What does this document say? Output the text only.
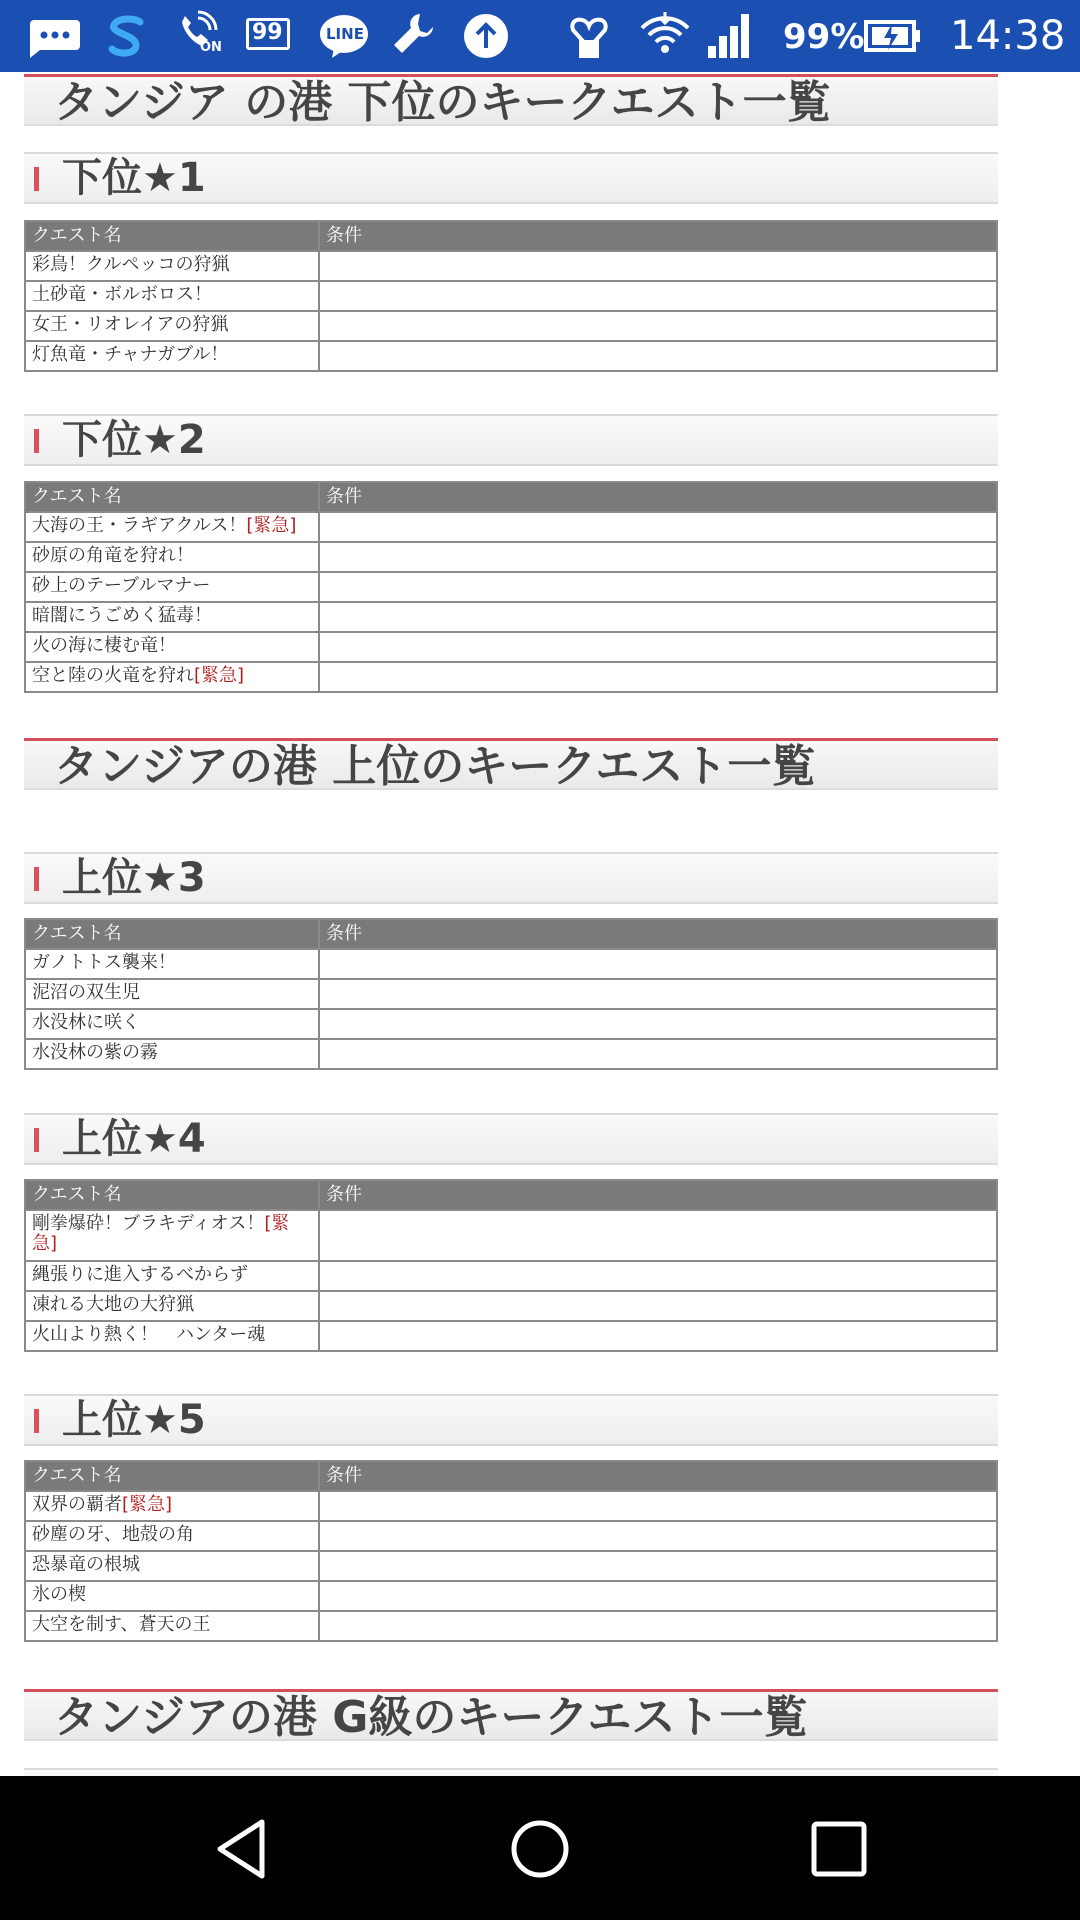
ON
99	LINE	99% 14:38
タンジア の港 下位のキークエスト一覧
下位★1
クエスト名	条件
彩鳥！クルペッコの狩猟	
土砂竜・ボルボロス！	
女王・リオレイアの狩猟	
灯魚竜・チャナガブル！	
下位★2
クエスト名	条件
大海の王・ラギアクルス！[緊急]	
砂原の角竜を狩れ！	
砂上のテーブルマナー	
暗闇にうごめく猛毒！	
火の海に棲む竜！	
空と陸の火竜を狩れ[緊急]	
タンジアの港 上位のキークエスト一覧
上位★3
クエスト名	条件
ガノトトス襲来！	
泥沼の双生児	
水没林に咲く	
水没林の紫の霧	
上位★4
クエスト名	条件
剛拳爆砕！ブラキディオス！[緊急]	
縄張りに進入するべからず	
凍れる大地の大狩猟	
火山より熱く！　ハンター魂	
上位★5
クエスト名	条件
双界の覇者[緊急]	
砂塵の牙、地殻の角	
恐暴竜の根城	
氷の楔	
大空を制す、蒼天の王	
タンジアの港 G級のキークエスト一覧
